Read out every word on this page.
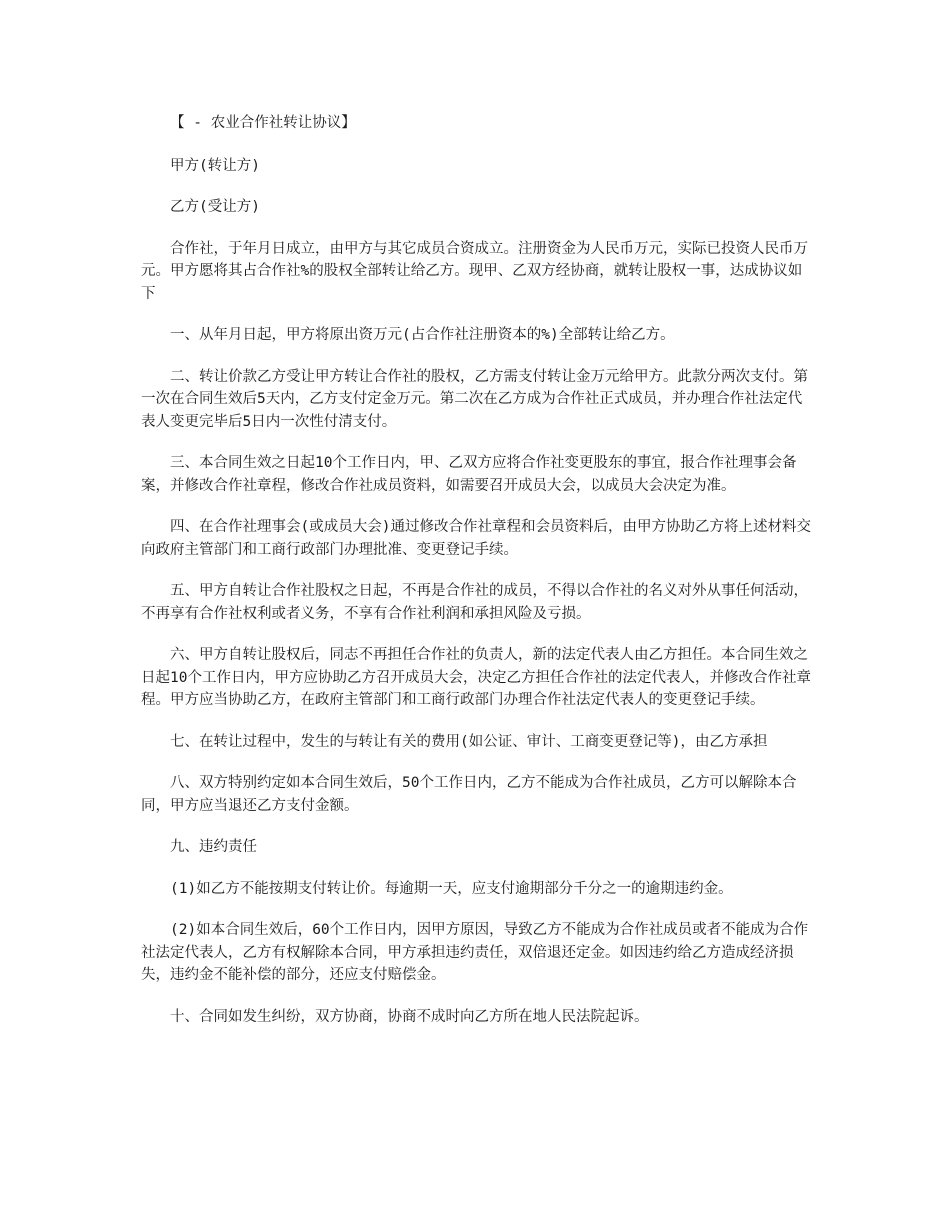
【 - 农业合作社转让协议】

甲方(转让方)

乙方(受让方)

合作社，于年月日成立，由甲方与其它成员合资成立。注册资金为人民币万元，实际已投资人民币万元。甲方愿将其占合作社%的股权全部转让给乙方。现甲、乙双方经协商，就转让股权一事，达成协议如下

一、从年月日起，甲方将原出资万元(占合作社注册资本的%)全部转让给乙方。

二、转让价款乙方受让甲方转让合作社的股权，乙方需支付转让金万元给甲方。此款分两次支付。第一次在合同生效后5天内，乙方支付定金万元。第二次在乙方成为合作社正式成员，并办理合作社法定代表人变更完毕后5日内一次性付清支付。

三、本合同生效之日起10个工作日内，甲、乙双方应将合作社变更股东的事宜，报合作社理事会备案，并修改合作社章程，修改合作社成员资料，如需要召开成员大会，以成员大会决定为准。

四、在合作社理事会(或成员大会)通过修改合作社章程和会员资料后，由甲方协助乙方将上述材料交向政府主管部门和工商行政部门办理批准、变更登记手续。

五、甲方自转让合作社股权之日起，不再是合作社的成员，不得以合作社的名义对外从事任何活动，不再享有合作社权利或者义务，不享有合作社利润和承担风险及亏损。

六、甲方自转让股权后，同志不再担任合作社的负责人，新的法定代表人由乙方担任。本合同生效之日起10个工作日内，甲方应协助乙方召开成员大会，决定乙方担任合作社的法定代表人，并修改合作社章程。甲方应当协助乙方，在政府主管部门和工商行政部门办理合作社法定代表人的变更登记手续。

七、在转让过程中，发生的与转让有关的费用(如公证、审计、工商变更登记等)，由乙方承担

八、双方特别约定如本合同生效后，50个工作日内，乙方不能成为合作社成员，乙方可以解除本合同，甲方应当退还乙方支付金额。

九、违约责任

(1)如乙方不能按期支付转让价。每逾期一天，应支付逾期部分千分之一的逾期违约金。

(2)如本合同生效后，60个工作日内，因甲方原因，导致乙方不能成为合作社成员或者不能成为合作社法定代表人，乙方有权解除本合同，甲方承担违约责任，双倍退还定金。如因违约给乙方造成经济损失，违约金不能补偿的部分，还应支付赔偿金。

十、合同如发生纠纷，双方协商，协商不成时向乙方所在地人民法院起诉。
